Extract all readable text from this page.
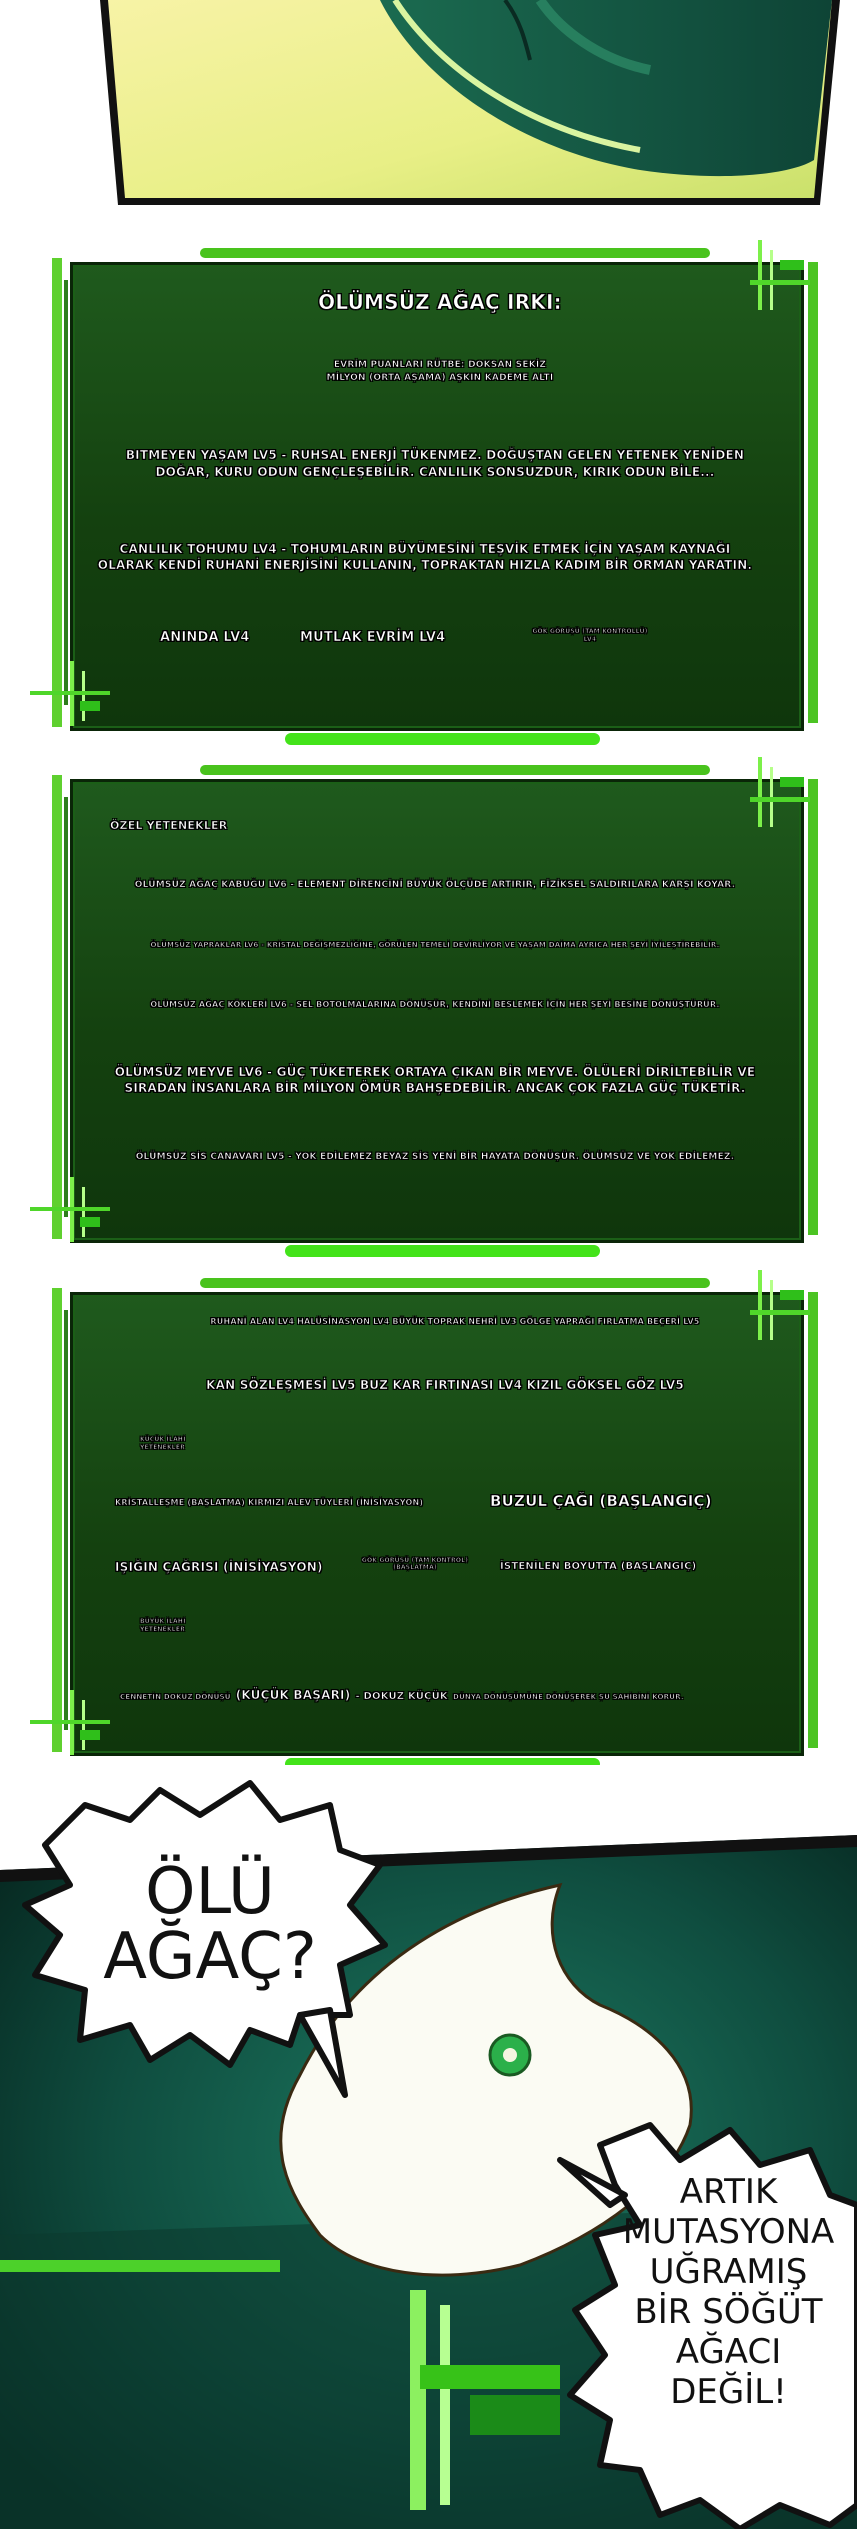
ÖLÜMSÜZ AĞAÇ IRKI:
EVRİM PUANLARI RÜTBE: DOKSAN SEKİZ
MİLYON (ORTA AŞAMA) AŞKIN KADEME ALTI
BITMEYEN YAŞAM LV5 - RUHSAL ENERJİ TÜKENMEZ. DOĞUŞTAN GELEN YETENEK YENİDEN
DOĞAR, KURU ODUN GENÇLEŞEBİLİR. CANLILIK SONSUZDUR, KIRIK ODUN BİLE...
CANLILIK TOHUMU LV4 - TOHUMLARIN BÜYÜMESİNİ TEŞVİK ETMEK İÇİN YAŞAM KAYNAĞI
OLARAK KENDİ RUHANİ ENERJİSİNİ KULLANIN, TOPRAKTAN HIZLA KADIM BİR ORMAN YARATIN.
ANINDA LV4	MUTLAK EVRİM LV4	GÖK GÖRÜŞÜ (TAM KONTROLLÜ) LV4
ÖZEL YETENEKLER
ÖLÜMSÜZ AĞAÇ KABUĞU LV6 - ELEMENT DİRENCİNİ BÜYÜK ÖLÇÜDE ARTIRIR, FİZİKSEL SALDIRILARA KARŞI KOYAR.
ÖLÜMSÜZ YAPRAKLAR LV6 - KRİSTAL DEĞİŞMEZLİĞİNE, GÖRÜLEN TEMELİ DEVİRLİYOR VE YAŞAM DAİMA AYRICA HER ŞEYİ İYİLEŞTİREBİLİR.
ÖLÜMSÜZ AĞAÇ KÖKLERİ LV6 - SEL BOTOLMALARINA DÖNÜŞÜR, KENDİNİ BESLEMEK İÇİN HER ŞEYİ BESİNE DÖNÜŞTÜRÜR.
ÖLÜMSÜZ MEYVE LV6 - GÜÇ TÜKETEREK ORTAYA ÇIKAN BİR MEYVE. ÖLÜLERİ DİRİLTEBİLİR VE
SIRADAN İNSANLARA BİR MİLYON ÖMÜR BAHŞEDEBİLİR. ANCAK ÇOK FAZLA GÜÇ TÜKETİR.
ÖLÜMSÜZ SİS CANAVARI LV5 - YOK EDİLEMEZ BEYAZ SİS YENİ BİR HAYATA DÖNÜŞÜR. ÖLÜMSÜZ VE YOK EDİLEMEZ.
RUHANİ ALAN LV4 HALÜSİNASYON LV4 BÜYÜK TOPRAK NEHRİ LV3 GÖLGE YAPRAĞI FIRLATMA BEÇERİ LV5
KAN SÖZLEŞMESİ LV5 BUZ KAR FIRTINASI LV4 KIZIL GÖKSEL GÖZ LV5
KÜÇÜK İLAHİ
YETENEKLER
KRİSTALLEŞME (BAŞLATMA) KIRMIZI ALEV TÜYLERİ (İNİSİYASYON)	BUZUL ÇAĞI (BAŞLANGIÇ)
IŞIĞIN ÇAĞRISI (İNİSİYASYON)	GÖK GÖRÜŞÜ (TAM KONTROL) (BAŞLATMA)	İSTENİLEN BOYUTTA (BAŞLANGIÇ)
BÜYÜK İLAHİ
YETENEKLER
CENNETİN DOKUZ DÖNÜŞÜ (KÜÇÜK BAŞARI) - DOKUZ KÜÇÜK DÜNYA DÖNÜŞÜMÜNE DÖNÜŞEREK ŞU SAHİBİNİ KORUR.
ÖLÜ
AĞAÇ?
ARTIK
MUTASYONA
UĞRAMIŞ
BİR SÖĞÜT
AĞACI
DEĞİL!
